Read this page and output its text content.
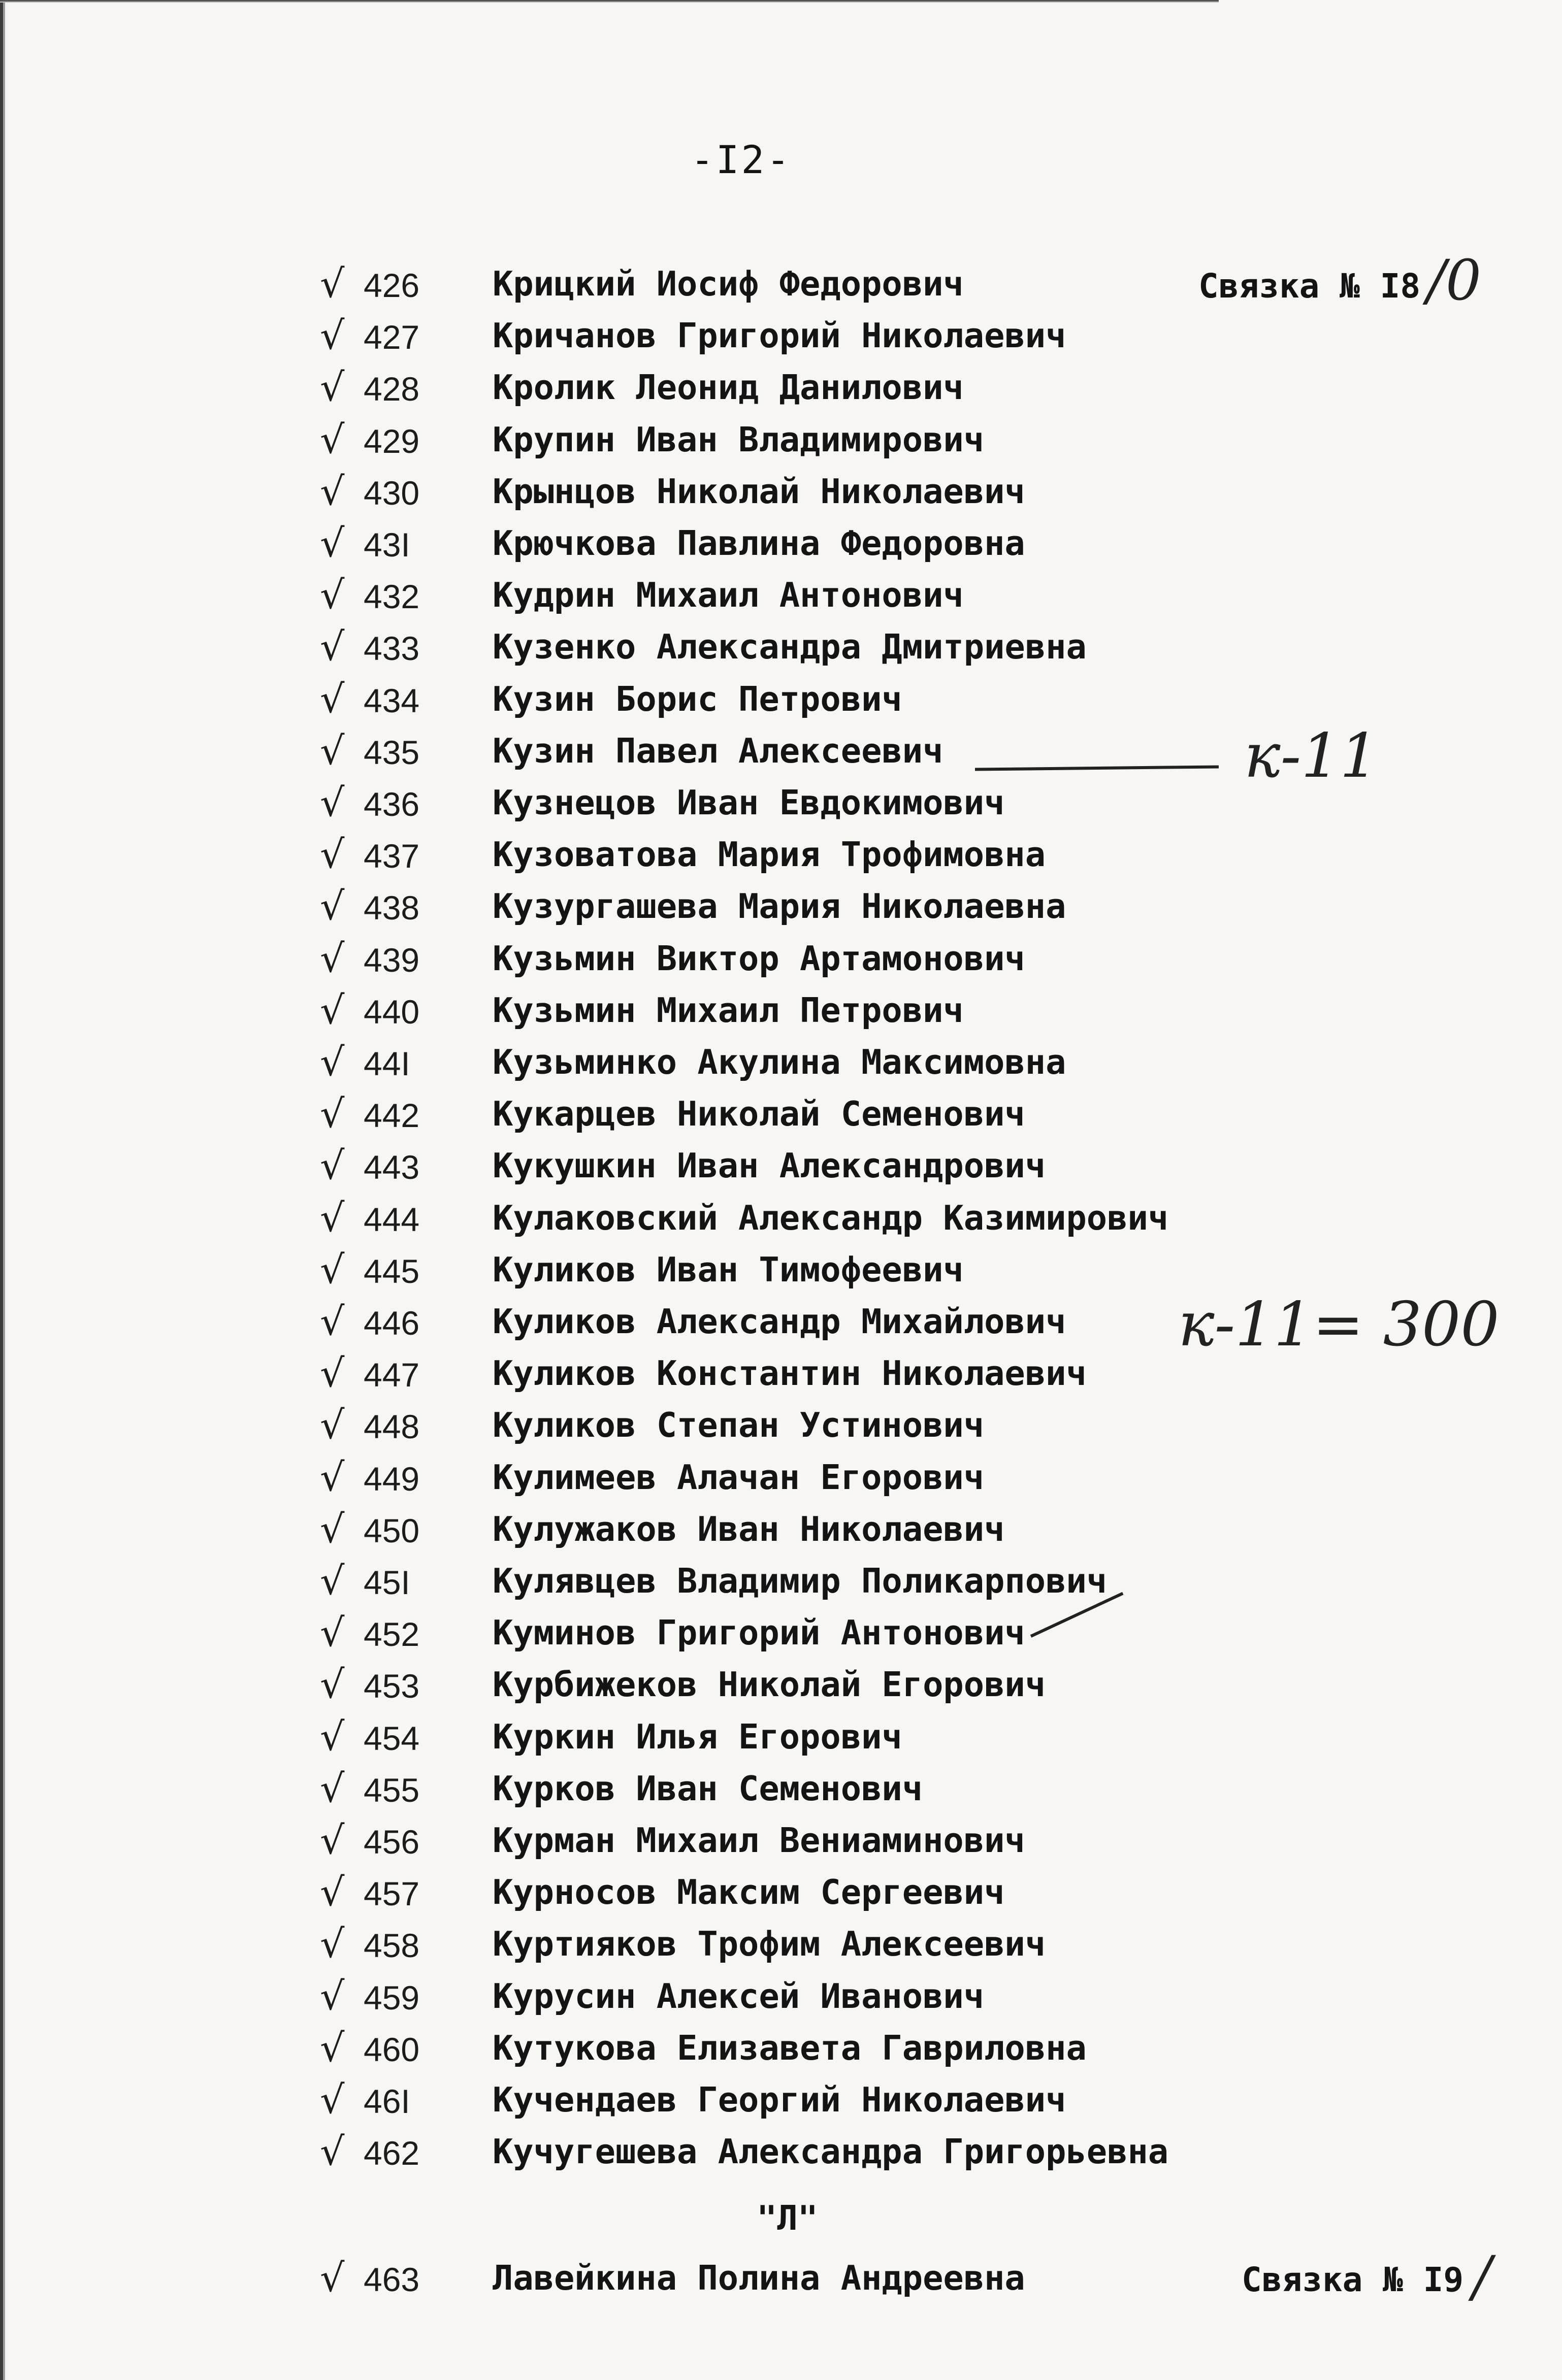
-I2-
Связка № I8 /0
к-11
к-11= 300
√ 426 Крицкий Иосиф Федорович
√ 427 Кричанов Григорий Николаевич
√ 428 Кролик Леонид Данилович
√ 429 Крупин Иван Владимирович
√ 430 Крынцов Николай Николаевич
√ 43I Крючкова Павлина Федоровна
√ 432 Кудрин Михаил Антонович
√ 433 Кузенко Александра Дмитриевна
√ 434 Кузин Борис Петрович
√ 435 Кузин Павел Алексеевич
√ 436 Кузнецов Иван Евдокимович
√ 437 Кузоватова Мария Трофимовна
√ 438 Кузургашева Мария Николаевна
√ 439 Кузьмин Виктор Артамонович
√ 440 Кузьмин Михаил Петрович
√ 44I Кузьминко Акулина Максимовна
√ 442 Кукарцев Николай Семенович
√ 443 Кукушкин Иван Александрович
√ 444 Кулаковский Александр Казимирович
√ 445 Куликов Иван Тимофеевич
√ 446 Куликов Александр Михайлович
√ 447 Куликов Константин Николаевич
√ 448 Куликов Степан Устинович
√ 449 Кулимеев Алачан Егорович
√ 450 Кулужаков Иван Николаевич
√ 45I Кулявцев Владимир Поликарпович
√ 452 Куминов Григорий Антонович
√ 453 Курбижеков Николай Егорович
√ 454 Куркин Илья Егорович
√ 455 Курков Иван Семенович
√ 456 Курман Михаил Вениаминович
√ 457 Курносов Максим Сергеевич
√ 458 Куртияков Трофим Алексеевич
√ 459 Курусин Алексей Иванович
√ 460 Кутукова Елизавета Гавриловна
√ 46I Кучендаев Георгий Николаевич
√ 462 Кучугешева Александра Григорьевна
"Л"
√ 463 Лавейкина Полина Андреевна	Связка № I9 /
